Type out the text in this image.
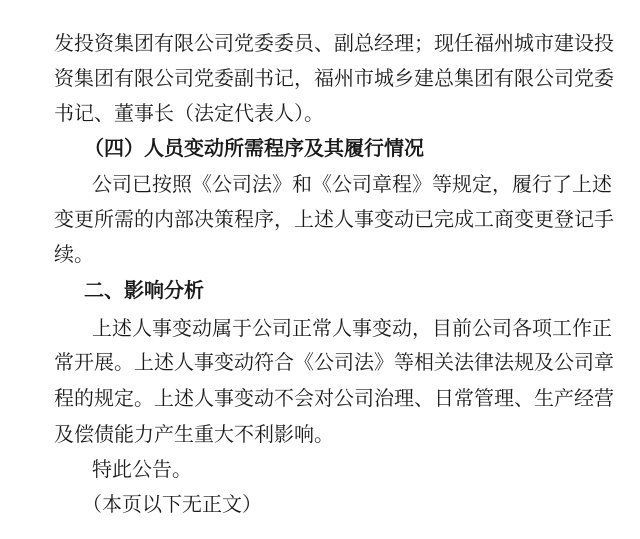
发投资集团有限公司党委委员、副总经理；现任福州城市建设投
资集团有限公司党委副书记，福州市城乡建总集团有限公司党委
书记、董事长（法定代表人）。
（四）人员变动所需程序及其履行情况
公司已按照《公司法》和《公司章程》等规定，履行了上述
变更所需的内部决策程序，上述人事变动已完成工商变更登记手
续。
二、影响分析
上述人事变动属于公司正常人事变动，目前公司各项工作正
常开展。上述人事变动符合《公司法》等相关法律法规及公司章
程的规定。上述人事变动不会对公司治理、日常管理、生产经营
及偿债能力产生重大不利影响。
特此公告。
（本页以下无正文）
